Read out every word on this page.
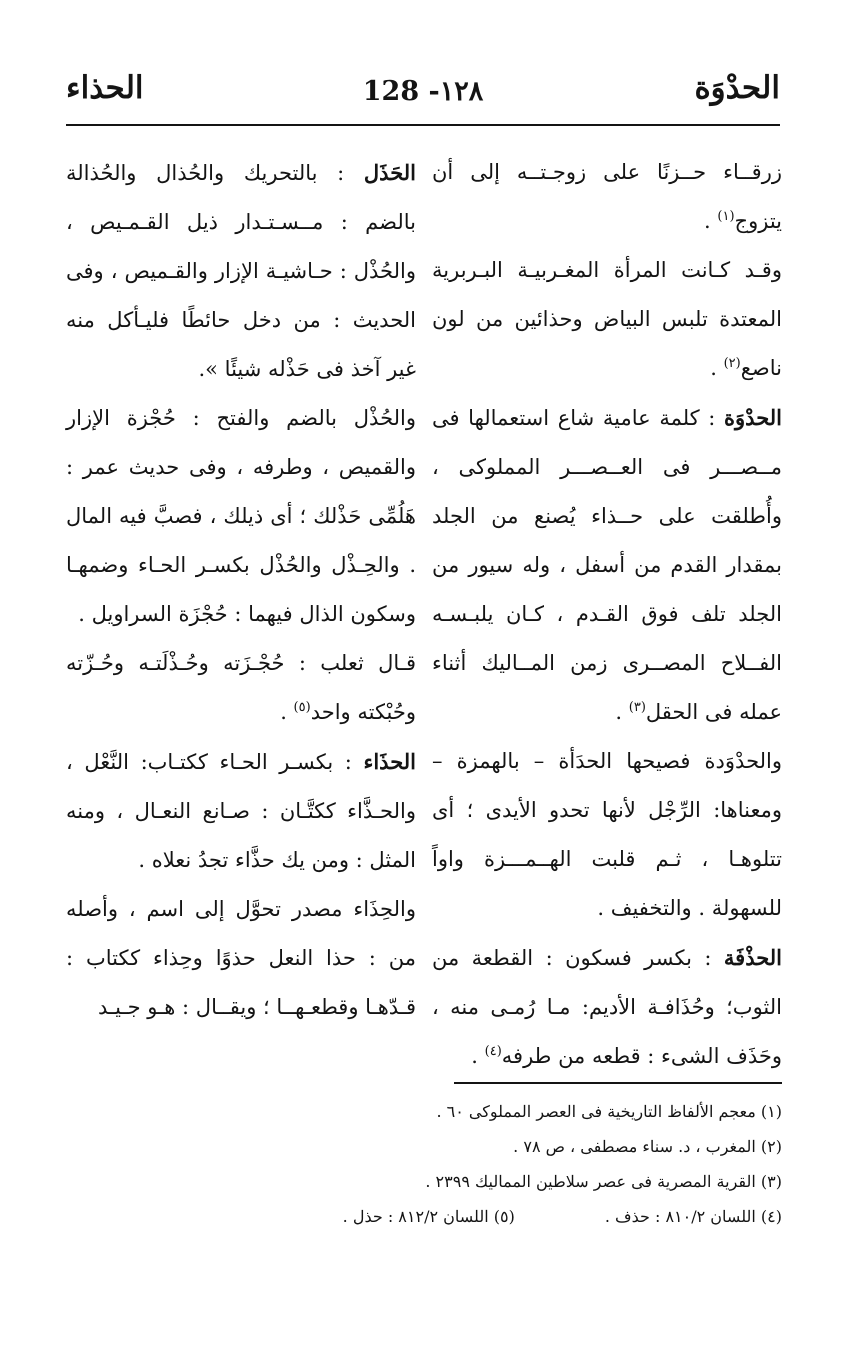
الحدْوَة
128 -١٢٨
الحذاء

زرقــاء حــزنًا على زوجـتــه إلى أن يتزوج$^{(١)}$ .

وقـد كـانت المرأة المغـربيـة البـربرية المعتدة تلبس البياض وحذائين من لون ناصع$^{(٢)}$ .

الحدْوَة : كلمة عامية شاع استعمالها فى مــصـــر فى العــصـــر المملوكى ، وأُطلقت على حــذاء يُصنع من الجلد بمقدار القدم من أسفل ، وله سيور من الجلد تلف فوق القـدم ، كـان يلبـسـه الفــلاح المصــرى زمن المــاليك أثناء عمله فى الحقل$^{(٣)}$ .

والحدْوَدة فصيحها الحدَأة – بالهمزة – ومعناها: الرِّجْل لأنها تحدو الأيدى ؛ أى تتلوهـا ، ثـم قلبت الهــمـــزة واواً للسهولة . والتخفيف .

الحذْفَة : بكسر فسكون : القطعة من الثوب؛ وحُذَافـة الأديم: مـا رُمـى منه ، وحَذَف الشىء : قطعه من طرفه$^{(٤)}$ .

الحَذَل : بالتحريك والحُذال والحُذالة بالضم : مــسـتـدار ذيل القـمـيص ، والحُذْل : حـاشيـة الإزار والقـميص ، وفى الحديث : من دخل حائطًا فليـأكل منه غير آخذ فى حَذْله شيئًا ».

والحُذْل بالضم والفتح : حُجْزة الإزار والقميص ، وطرفه ، وفى حديث عمر : هَلُمِّى حَذْلك ؛ أى ذيلك ، فصبَّ فيه المال . والحِـذْل والحُذْل بكسـر الحـاء وضمهـا وسكون الذال فيهما : حُجْزَة السراويل .

قـال ثعلب : حُجْـزَته وحُـذْلَتـه وحُـزّته وحُبْكته واحد$^{(٥)}$ .

الحذَاء : بكسـر الحـاء ككتـاب: النَّعْل ، والحـذَّاء ككتَّـان : صـانع النعـال ، ومنه المثل : ومن يك حذَّاء تجدُ نعلاه .

والحِذَاء مصدر تحوَّل إلى اسم ، وأصله من : حذا النعل حذوًا وحِذاء ككتاب : قـدّهـا وقطعـهــا ؛ ويقــال : هـو جـيـد

(١) معجم الألفاظ التاريخية فى العصر المملوكى ٦٠ .
(٢) المغرب ، د. سناء مصطفى ، ص ٧٨ .
(٣) القرية المصرية فى عصر سلاطين المماليك ٢٣٩٩ .
(٤) اللسان ٨١٠/٢ : حذف .(٥) اللسان ٨١٢/٢ : حذل .
